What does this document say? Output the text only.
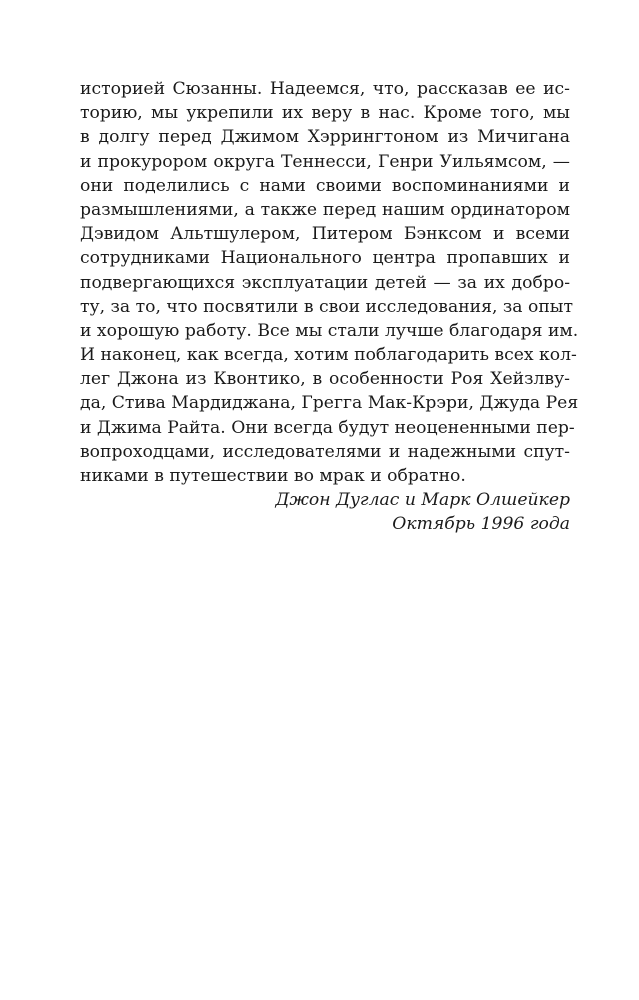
историей Сюзанны. Надеемся, что, рассказав ее ис-
торию, мы укрепили их веру в нас. Кроме того, мы
в долгу перед Джимом Хэррингтоном из Мичигана
и прокурором округа Теннесси, Генри Уильямсом, —
они поделились с нами своими воспоминаниями и
размышлениями, а также перед нашим ординатором
Дэвидом Альтшулером, Питером Бэнксом и всеми
сотрудниками Национального центра пропавших и
подвергающихся эксплуатации детей — за их добро-
ту, за то, что посвятили в свои исследования, за опыт
и хорошую работу. Все мы стали лучше благодаря им.
И наконец, как всегда, хотим поблагодарить всех кол-
лег Джона из Квонтико, в особенности Роя Хейзлву-
да, Стива Мардиджана, Грегга Мак-Крэри, Джуда Рея
и Джима Райта. Они всегда будут неоцененными пер-
вопроходцами, исследователями и надежными спут-
никами в путешествии во мрак и обратно.
Джон Дуглас и Марк Олшейкер
Октябрь 1996 года
